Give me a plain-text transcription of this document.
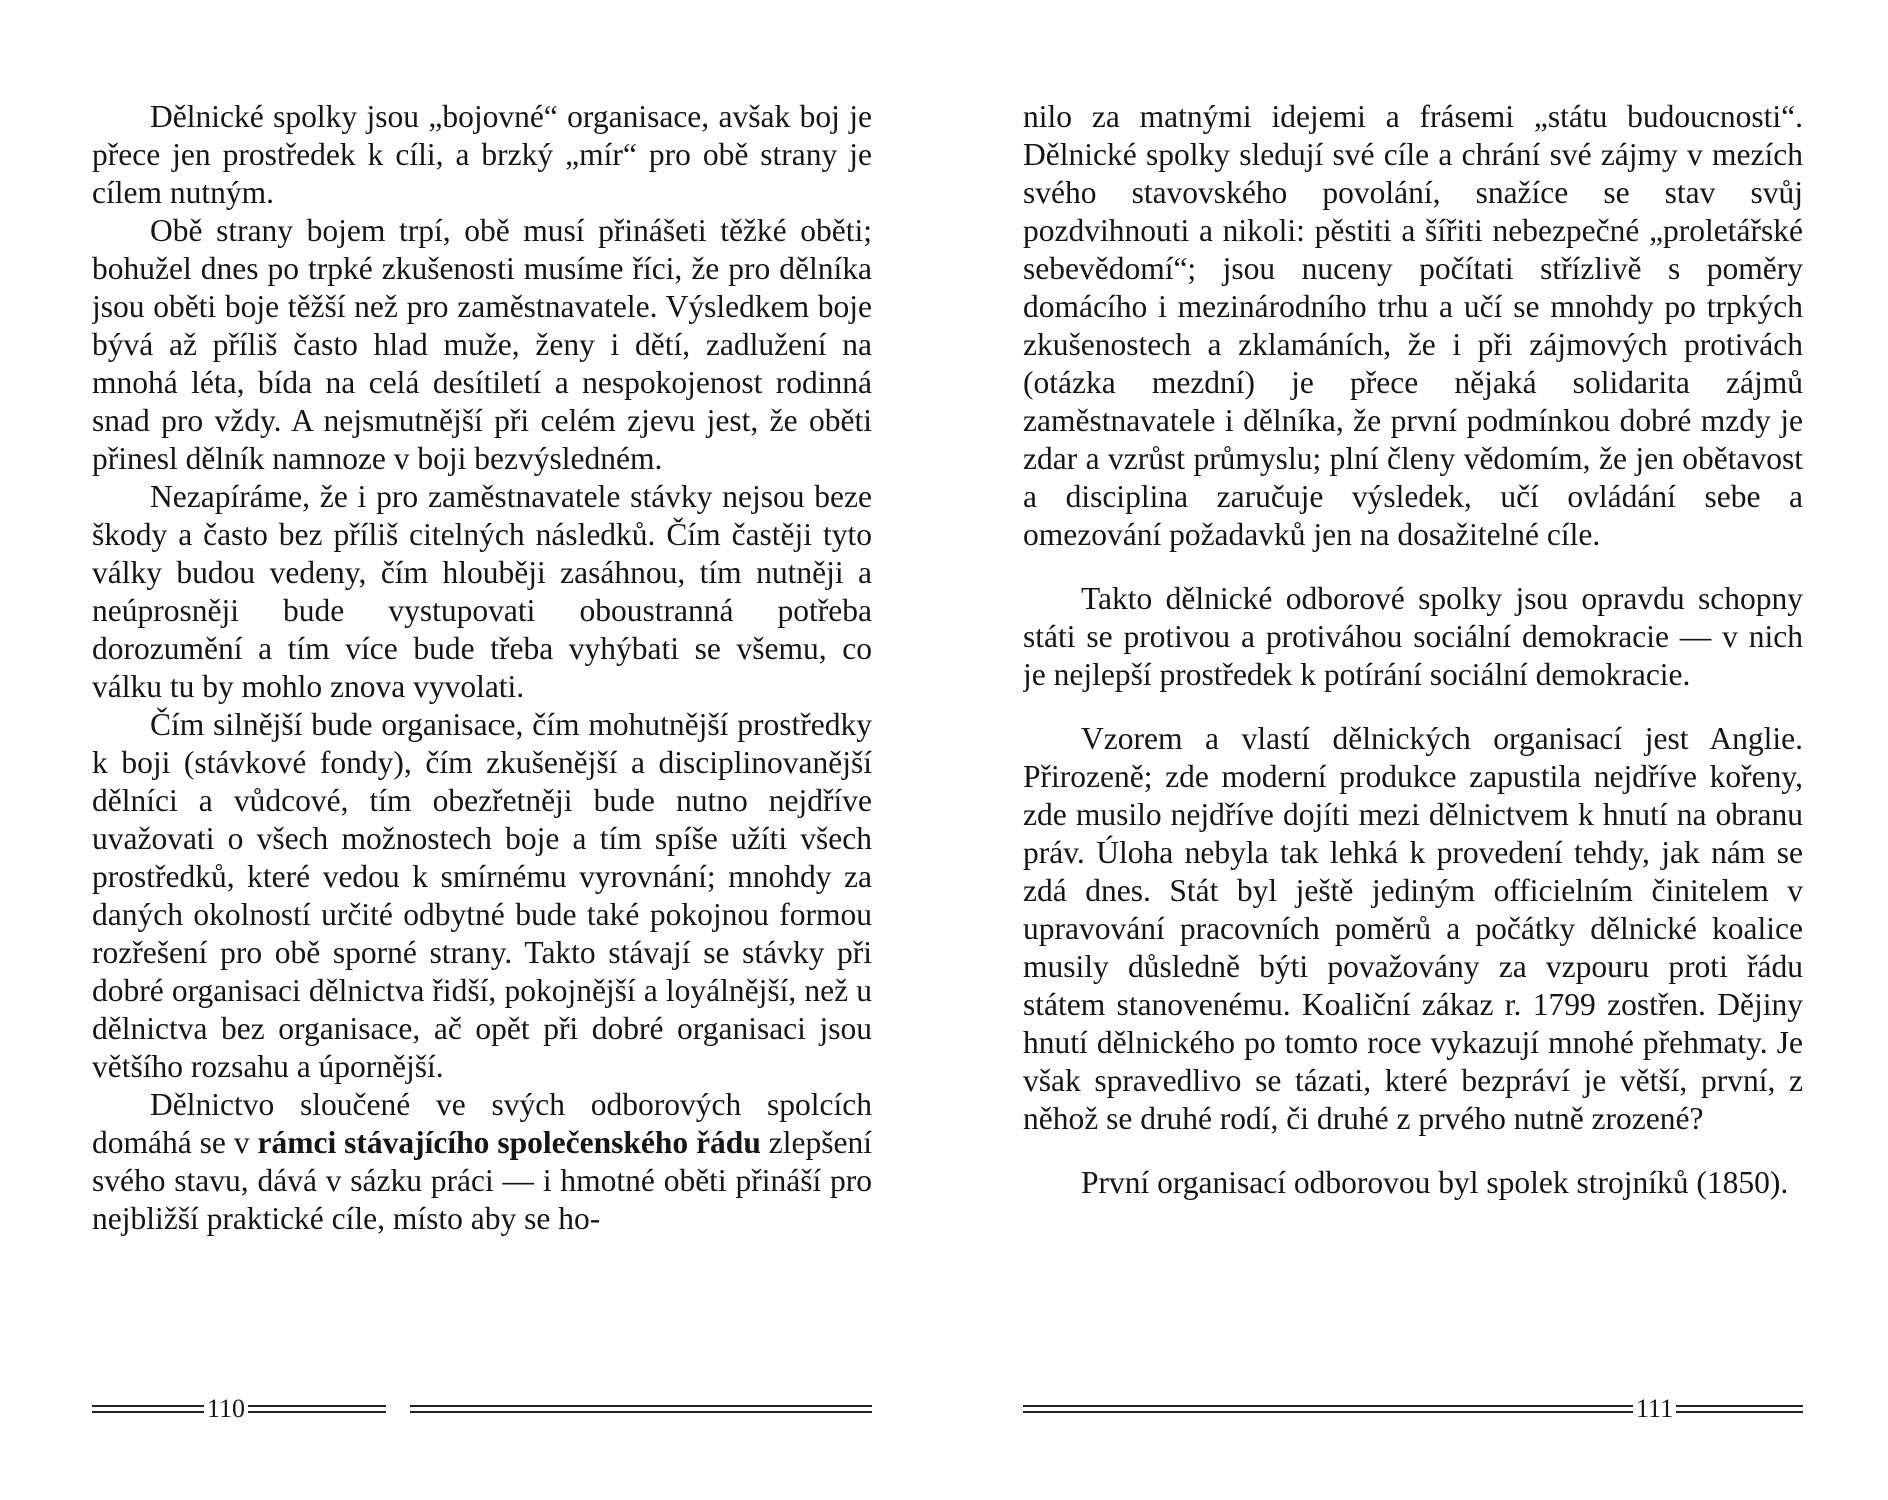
Dělnické spolky jsou „bojovné“ organisace, avšak boj je přece jen prostředek k cíli, a brzký „mír“ pro obě strany je cílem nutným.

Obě strany bojem trpí, obě musí přinášeti těžké oběti; bohužel dnes po trpké zkušenosti musíme říci, že pro dělníka jsou oběti boje těžší než pro zaměstnavatele. Výsledkem boje bývá až příliš často hlad muže, ženy i dětí, zadlužení na mnohá léta, bída na celá desítiletí a nespokojenost rodinná snad pro vždy. A nejsmutnější při celém zjevu jest, že oběti přinesl dělník namnoze v boji bezvýsledném.

Nezapíráme, že i pro zaměstnavatele stávky nejsou beze škody a často bez příliš citelných následků. Čím častěji tyto války budou vedeny, čím hlouběji zasáhnou, tím nutněji a neúprosněji bude vystupovati oboustranná potřeba dorozumění a tím více bude třeba vyhýbati se všemu, co válku tu by mohlo znova vyvolati.

Čím silnější bude organisace, čím mohutnější prostředky k boji (stávkové fondy), čím zkušenější a disciplinovanější dělníci a vůdcové, tím obezřetněji bude nutno nejdříve uvažovati o všech možnostech boje a tím spíše užíti všech prostředků, které vedou k smírnému vyrovnání; mnohdy za daných okolností určité odbytné bude také pokojnou formou rozřešení pro obě sporné strany. Takto stávají se stávky při dobré organisaci dělnictva řidší, pokojnější a loyálnější, než u dělnictva bez organisace, ač opět při dobré organisaci jsou většího rozsahu a úpornější.

Dělnictvo sloučené ve svých odborových spolcích domáhá se v rámci stávajícího společenského řádu zlepšení svého stavu, dává v sázku práci — i hmotné oběti přináší pro nejbližší praktické cíle, místo aby se ho-

110

nilo za matnými idejemi a frásemi „státu budoucnosti“. Dělnické spolky sledují své cíle a chrání své zájmy v mezích svého stavovského povolání, snažíce se stav svůj pozdvihnouti a nikoli: pěstiti a šířiti nebezpečné „proletářské sebevědomí“; jsou nuceny počítati střízlivě s poměry domácího i mezinárodního trhu a učí se mnohdy po trpkých zkušenostech a zklamáních, že i při zájmových protivách (otázka mezdní) je přece nějaká solidarita zájmů zaměstnavatele i dělníka, že první podmínkou dobré mzdy je zdar a vzrůst průmyslu; plní členy vědomím, že jen obětavost a disciplina zaručuje výsledek, učí ovládání sebe a omezování požadavků jen na dosažitelné cíle.

Takto dělnické odborové spolky jsou opravdu schopny státi se protivou a protiváhou sociální demokracie — v nich je nejlepší prostředek k potírání sociální demokracie.

Vzorem a vlastí dělnických organisací jest Anglie. Přirozeně; zde moderní produkce zapustila nejdříve kořeny, zde musilo nejdříve dojíti mezi dělnictvem k hnutí na obranu práv. Úloha nebyla tak lehká k provedení tehdy, jak nám se zdá dnes. Stát byl ještě jediným officielním činitelem v upravování pracovních poměrů a počátky dělnické koalice musily důsledně býti považovány za vzpouru proti řádu státem stanovenému. Koaliční zákaz r. 1799 zostřen. Dějiny hnutí dělnického po tomto roce vykazují mnohé přehmaty. Je však spravedlivo se tázati, které bezpráví je větší, první, z něhož se druhé rodí, či druhé z prvého nutně zrozené?

První organisací odborovou byl spolek strojníků (1850).

111
